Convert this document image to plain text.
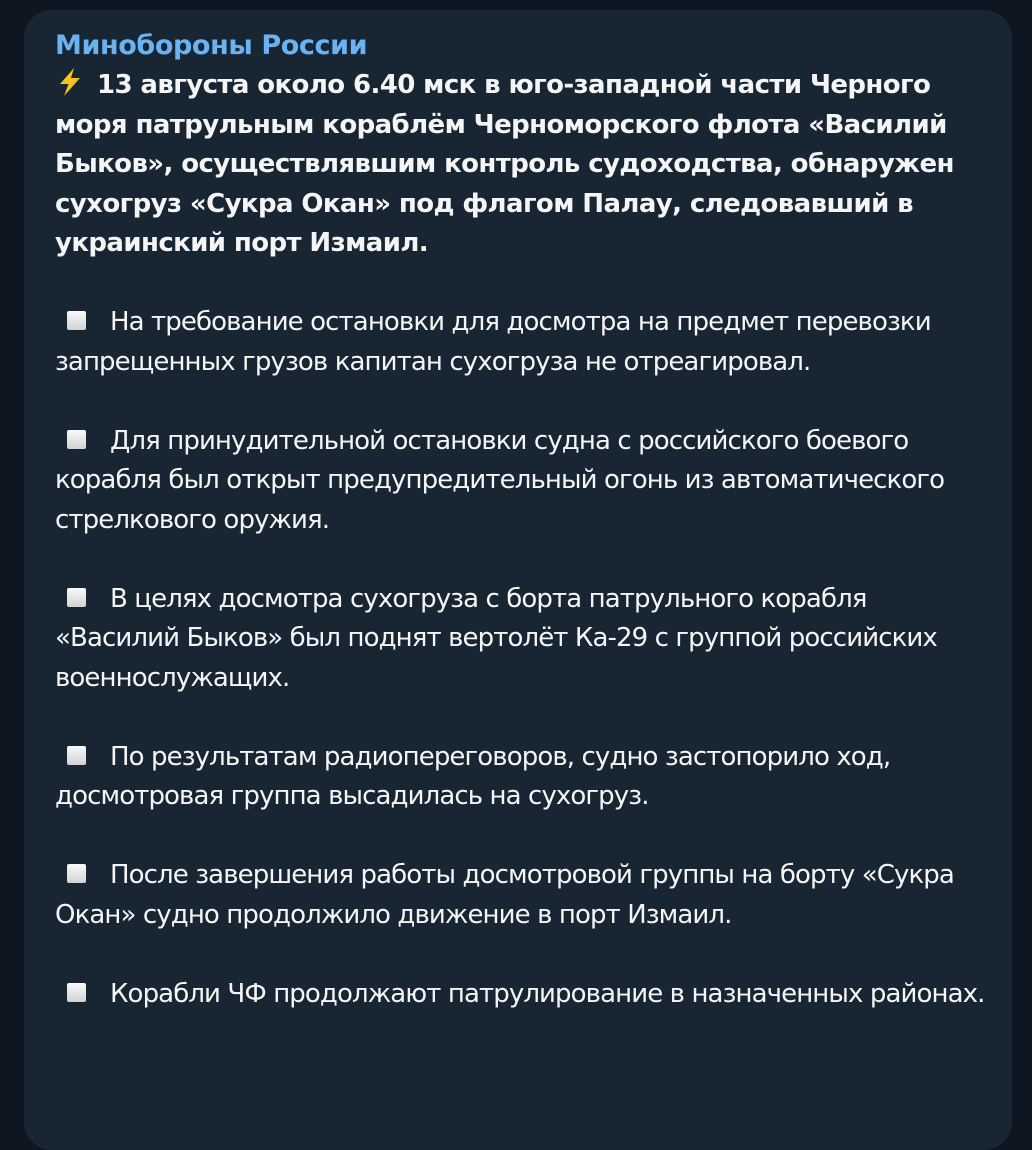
Минобороны России

13 августа около 6.40 мск в юго-западной части Черного моря патрульным кораблём Черноморского флота «Василий Быков», осуществлявшим контроль судоходства, обнаружен сухогруз «Сукра Окан» под флагом Палау, следовавший в украинский порт Измаил.

На требование остановки для досмотра на предмет перевозки запрещенных грузов капитан сухогруза не отреагировал.

Для принудительной остановки судна с российского боевого корабля был открыт предупредительный огонь из автоматического стрелкового оружия.

В целях досмотра сухогруза с борта патрульного корабля «Василий Быков» был поднят вертолёт Ка-29 с группой российских военнослужащих.

По результатам радиопереговоров, судно застопорило ход, досмотровая группа высадилась на сухогруз.

После завершения работы досмотровой группы на борту «Сукра Окан» судно продолжило движение в порт Измаил.

Корабли ЧФ продолжают патрулирование в назначенных районах.
